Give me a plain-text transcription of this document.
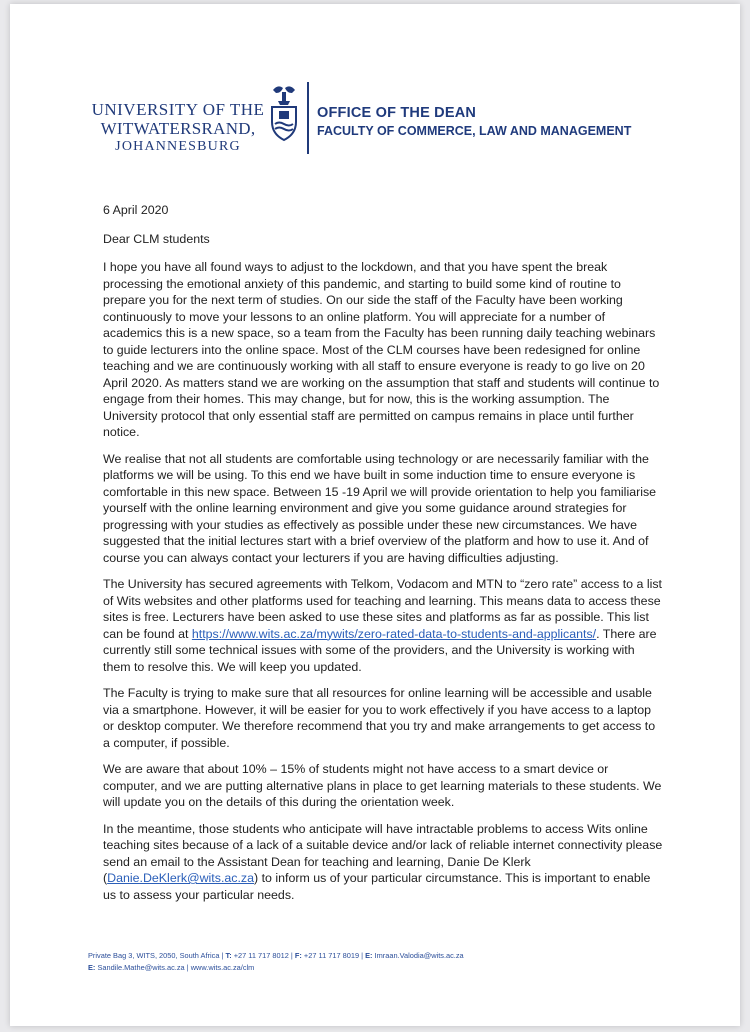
UNIVERSITY OF THE
WITWATERSRAND,
JOHANNESBURG
OFFICE OF THE DEAN
FACULTY OF COMMERCE, LAW AND MANAGEMENT

6 April 2020

Dear CLM students

I hope you have all found ways to adjust to the lockdown, and that you have spent the break processing the emotional anxiety of this pandemic, and starting to build some kind of routine to prepare you for the next term of studies. On our side the staff of the Faculty have been working continuously to move your lessons to an online platform. You will appreciate for a number of academics this is a new space, so a team from the Faculty has been running daily teaching webinars to guide lecturers into the online space. Most of the CLM courses have been redesigned for online teaching and we are continuously working with all staff to ensure everyone is ready to go live on 20 April 2020. As matters stand we are working on the assumption that staff and students will continue to engage from their homes. This may change, but for now, this is the working assumption. The University protocol that only essential staff are permitted on campus remains in place until further notice.

We realise that not all students are comfortable using technology or are necessarily familiar with the platforms we will be using. To this end we have built in some induction time to ensure everyone is comfortable in this new space. Between 15 -19 April we will provide orientation to help you familiarise yourself with the online learning environment and give you some guidance around strategies for progressing with your studies as effectively as possible under these new circumstances. We have suggested that the initial lectures start with a brief overview of the platform and how to use it. And of course you can always contact your lecturers if you are having difficulties adjusting.

The University has secured agreements with Telkom, Vodacom and MTN to “zero rate” access to a list of Wits websites and other platforms used for teaching and learning. This means data to access these sites is free. Lecturers have been asked to use these sites and platforms as far as possible. This list can be found at https://www.wits.ac.za/mywits/zero-rated-data-to-students-and-applicants/. There are currently still some technical issues with some of the providers, and the University is working with them to resolve this. We will keep you updated.

The Faculty is trying to make sure that all resources for online learning will be accessible and usable via a smartphone. However, it will be easier for you to work effectively if you have access to a laptop or desktop computer. We therefore recommend that you try and make arrangements to get access to a computer, if possible.

We are aware that about 10% – 15% of students might not have access to a smart device or computer, and we are putting alternative plans in place to get learning materials to these students. We will update you on the details of this during the orientation week.

In the meantime, those students who anticipate will have intractable problems to access Wits online teaching sites because of a lack of a suitable device and/or lack of reliable internet connectivity please send an email to the Assistant Dean for teaching and learning, Danie De Klerk (Danie.DeKlerk@wits.ac.za) to inform us of your particular circumstance. This is important to enable us to assess your particular needs.

Private Bag 3, WITS, 2050, South Africa | T: +27 11 717 8012 | F: +27 11 717 8019 | E: Imraan.Valodia@wits.ac.za
E: Sandile.Mathe@wits.ac.za | www.wits.ac.za/clm
